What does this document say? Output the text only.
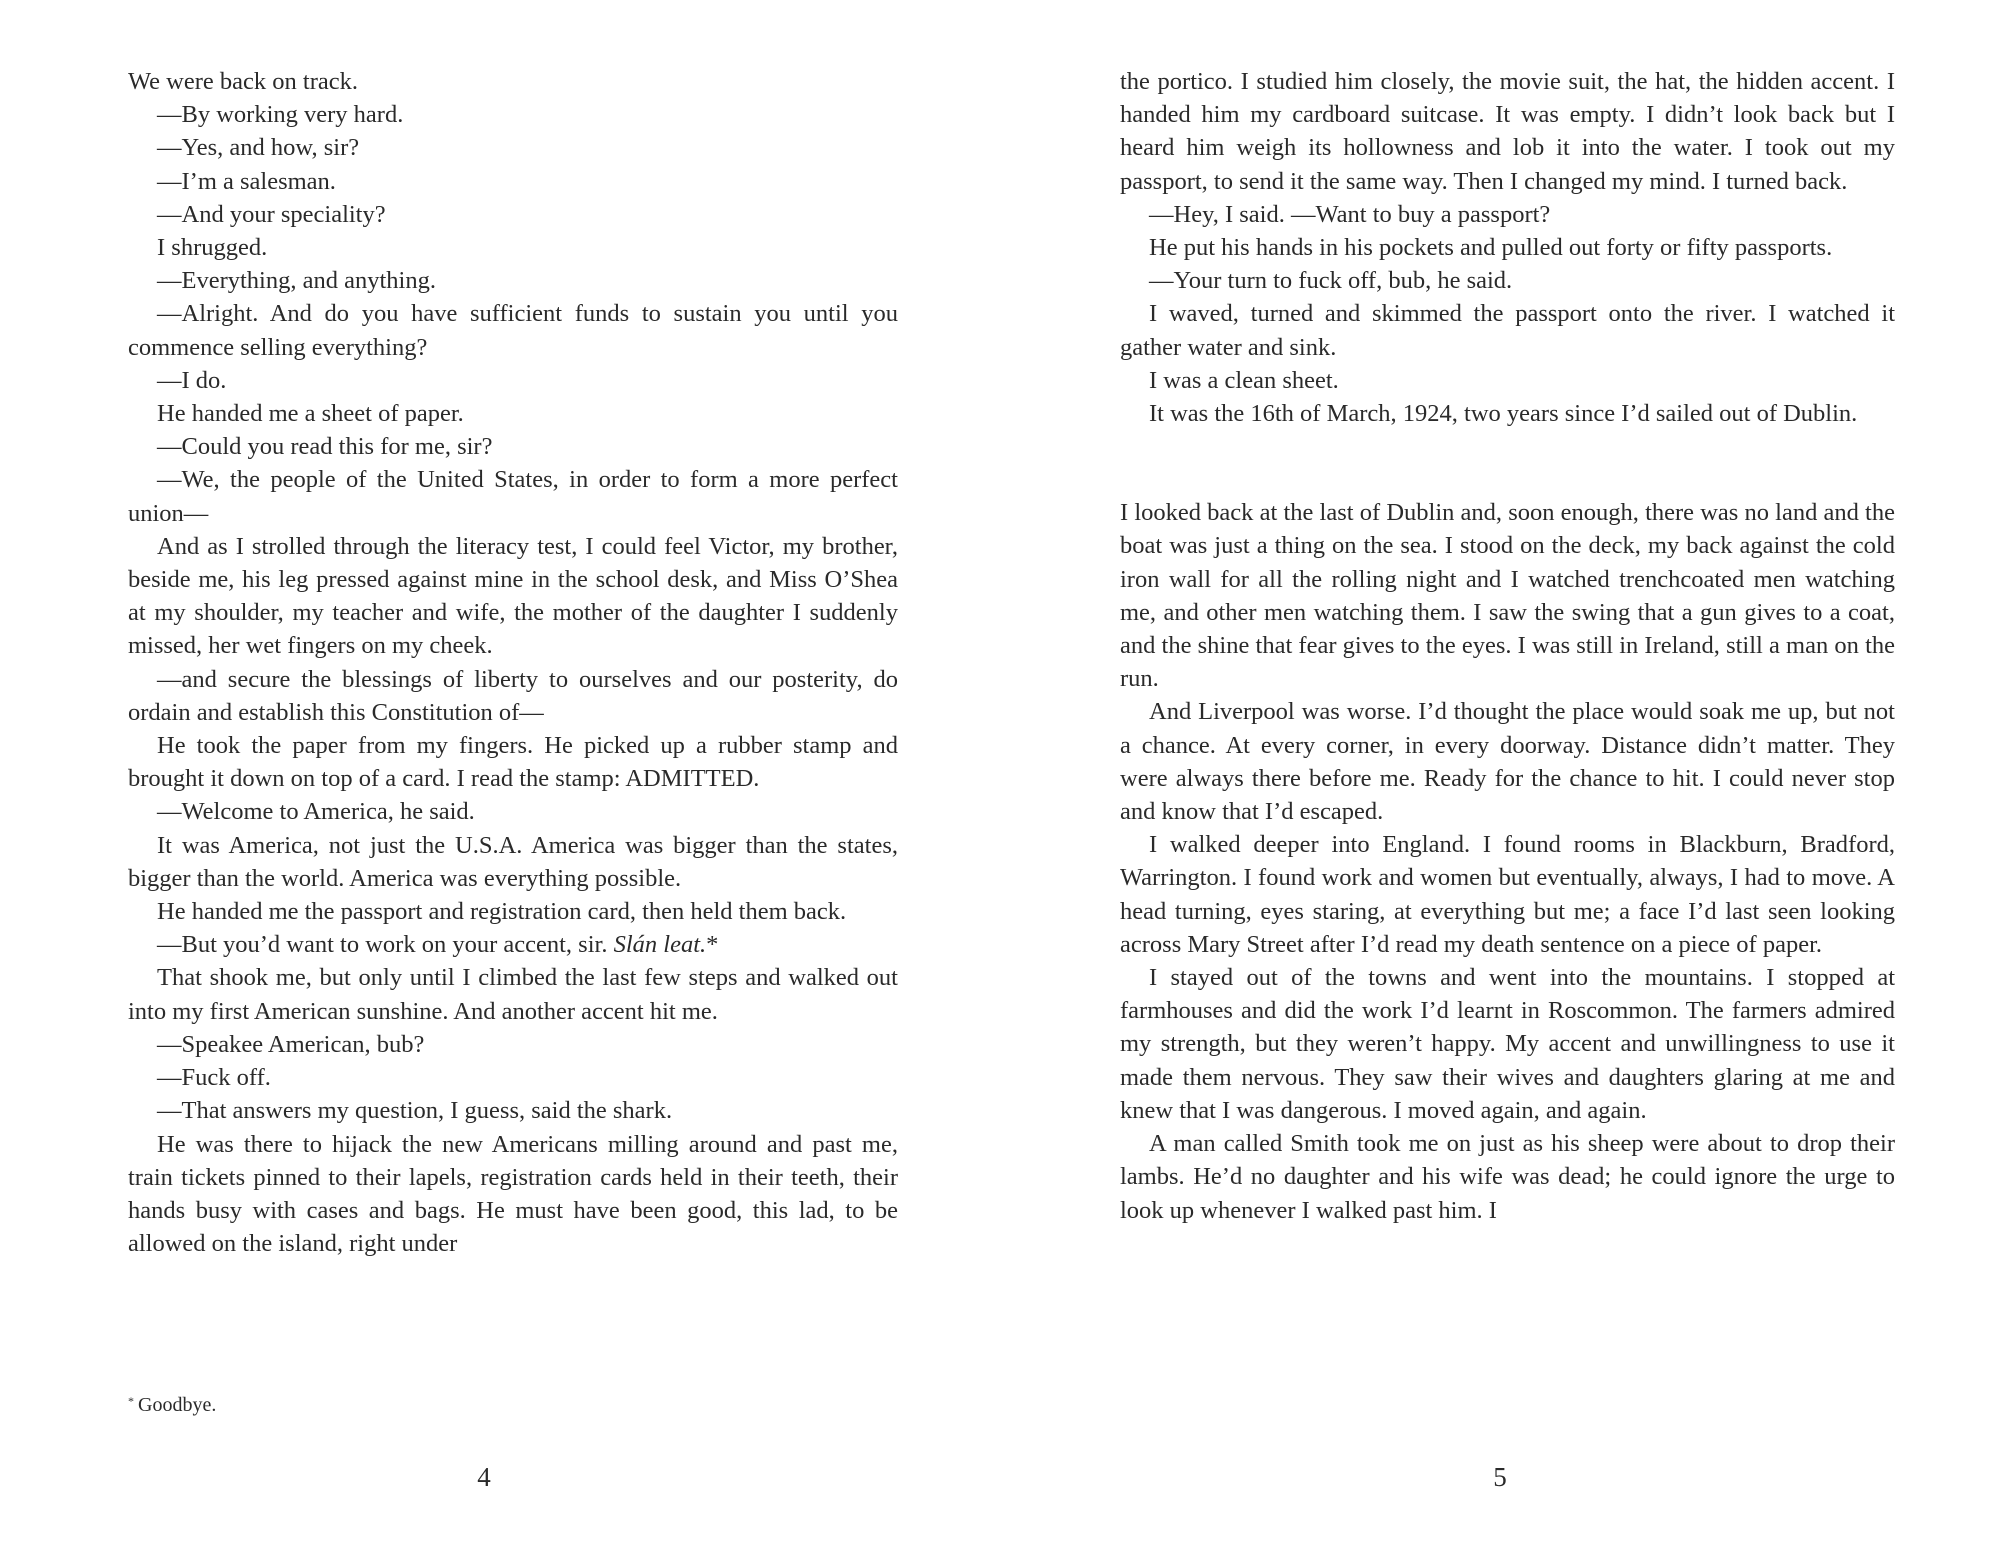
We were back on track.

—By working very hard.

—Yes, and how, sir?

—I’m a salesman.

—And your speciality?

I shrugged.

—Everything, and anything.

—Alright. And do you have sufficient funds to sustain you until you commence selling everything?

—I do.

He handed me a sheet of paper.

—Could you read this for me, sir?

—We, the people of the United States, in order to form a more perfect union—

And as I strolled through the literacy test, I could feel Victor, my brother, beside me, his leg pressed against mine in the school desk, and Miss O’Shea at my shoulder, my teacher and wife, the mother of the daughter I suddenly missed, her wet fingers on my cheek.

—and secure the blessings of liberty to ourselves and our posterity, do ordain and establish this Constitution of—

He took the paper from my fingers. He picked up a rubber stamp and brought it down on top of a card. I read the stamp: ADMITTED.

—Welcome to America, he said.

It was America, not just the U.S.A. America was bigger than the states, bigger than the world. America was everything possible.

He handed me the passport and registration card, then held them back.

—But you’d want to work on your accent, sir. Slán leat.*

That shook me, but only until I climbed the last few steps and walked out into my first American sunshine. And another accent hit me.

—Speakee American, bub?

—Fuck off.

—That answers my question, I guess, said the shark.

He was there to hijack the new Americans milling around and past me, train tickets pinned to their lapels, registration cards held in their teeth, their hands busy with cases and bags. He must have been good, this lad, to be allowed on the island, right under

* Goodbye.
4

the portico. I studied him closely, the movie suit, the hat, the hidden accent. I handed him my cardboard suitcase. It was empty. I didn’t look back but I heard him weigh its hollowness and lob it into the water. I took out my passport, to send it the same way. Then I changed my mind. I turned back.

—Hey, I said. —Want to buy a passport?

He put his hands in his pockets and pulled out forty or fifty passports.

—Your turn to fuck off, bub, he said.

I waved, turned and skimmed the passport onto the river. I watched it gather water and sink.

I was a clean sheet.

It was the 16th of March, 1924, two years since I’d sailed out of Dublin.

I looked back at the last of Dublin and, soon enough, there was no land and the boat was just a thing on the sea. I stood on the deck, my back against the cold iron wall for all the rolling night and I watched trenchcoated men watching me, and other men watching them. I saw the swing that a gun gives to a coat, and the shine that fear gives to the eyes. I was still in Ireland, still a man on the run.

And Liverpool was worse. I’d thought the place would soak me up, but not a chance. At every corner, in every doorway. Distance didn’t matter. They were always there before me. Ready for the chance to hit. I could never stop and know that I’d escaped.

I walked deeper into England. I found rooms in Blackburn, Bradford, Warrington. I found work and women but eventually, always, I had to move. A head turning, eyes staring, at everything but me; a face I’d last seen looking across Mary Street after I’d read my death sentence on a piece of paper.

I stayed out of the towns and went into the mountains. I stopped at farmhouses and did the work I’d learnt in Roscommon. The farmers admired my strength, but they weren’t happy. My accent and unwillingness to use it made them nervous. They saw their wives and daughters glaring at me and knew that I was dangerous. I moved again, and again.

A man called Smith took me on just as his sheep were about to drop their lambs. He’d no daughter and his wife was dead; he could ignore the urge to look up whenever I walked past him. I

5
